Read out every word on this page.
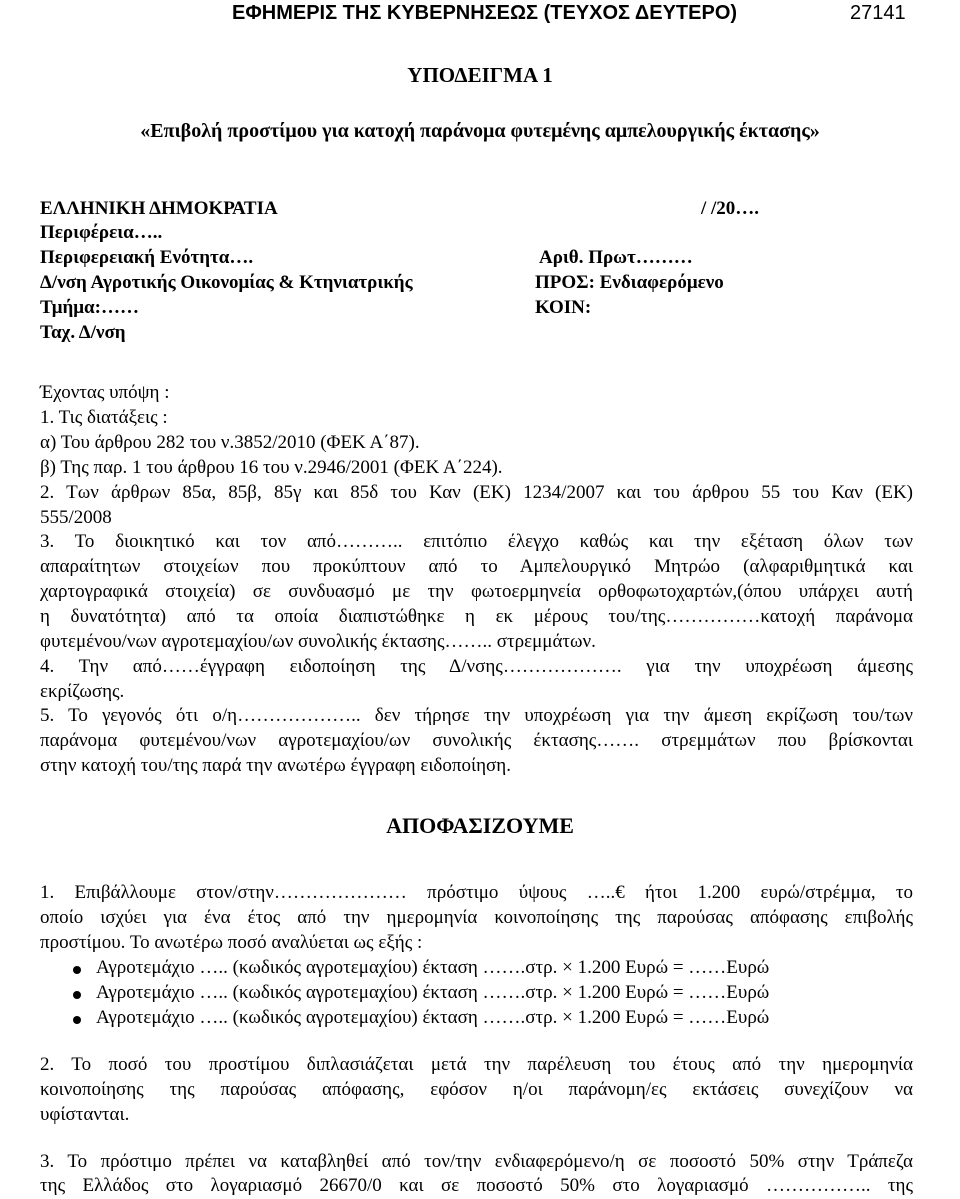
ΕΦΗΜΕΡΙΣ ΤΗΣ ΚΥΒΕΡΝΗΣΕΩΣ (ΤΕΥΧΟΣ ΔΕΥΤΕΡΟ)	27141
ΥΠΟΔΕΙΓΜΑ 1
«Επιβολή προστίμου για κατοχή παράνομα φυτεμένης αμπελουργικής έκτασης»
ΕΛΛΗΝΙΚΗ ΔΗΜΟΚΡΑΤΙΑ
Περιφέρεια…..
Περιφερειακή Ενότητα….
Δ/νση Αγροτικής Οικονομίας & Κτηνιατρικής
Τμήμα:……
Ταχ. Δ/νση
/ /20….
Αριθ. Πρωτ………
ΠΡΟΣ: Ενδιαφερόμενο
ΚΟΙΝ:
Έχοντας υπόψη :
1. Τις διατάξεις :
α) Του άρθρου 282 του ν.3852/2010 (ΦΕΚ Α΄87).
β) Της παρ. 1 του άρθρου 16 του ν.2946/2001 (ΦΕΚ Α΄224).
2. Των άρθρων 85α, 85β, 85γ και 85δ του Καν (ΕΚ) 1234/2007 και του άρθρου 55 του Καν (ΕΚ)
555/2008
3. Το διοικητικό και τον από……….. επιτόπιο έλεγχο καθώς και την εξέταση όλων των
απαραίτητων στοιχείων που προκύπτουν από το Αμπελουργικό Μητρώο (αλφαριθμητικά και
χαρτογραφικά στοιχεία) σε συνδυασμό με την φωτοερμηνεία ορθοφωτοχαρτών,(όπου υπάρχει αυτή
η δυνατότητα) από τα οποία διαπιστώθηκε η εκ μέρους του/της……………κατοχή παράνομα
φυτεμένου/νων αγροτεμαχίου/ων συνολικής έκτασης…….. στρεμμάτων.
4. Την από……έγγραφη ειδοποίηση της Δ/νσης………………. για την υποχρέωση άμεσης
εκρίζωσης.
5. Το γεγονός ότι ο/η……………….. δεν τήρησε την υποχρέωση για την άμεση εκρίζωση του/των
παράνομα φυτεμένου/νων αγροτεμαχίου/ων συνολικής έκτασης……. στρεμμάτων που βρίσκονται
στην κατοχή του/της παρά την ανωτέρω έγγραφη ειδοποίηση.
ΑΠΟΦΑΣΙΖΟΥΜΕ
1. Επιβάλλουμε στον/στην………………… πρόστιμο ύψους …..€ ήτοι 1.200 ευρώ/στρέμμα, το
οποίο ισχύει για ένα έτος από την ημερομηνία κοινοποίησης της παρούσας απόφασης επιβολής
προστίμου. Το ανωτέρω ποσό αναλύεται ως εξής :
Αγροτεμάχιο ….. (κωδικός αγροτεμαχίου) έκταση …….στρ. × 1.200 Ευρώ = ……Ευρώ
Αγροτεμάχιο ….. (κωδικός αγροτεμαχίου) έκταση …….στρ. × 1.200 Ευρώ = ……Ευρώ
Αγροτεμάχιο ….. (κωδικός αγροτεμαχίου) έκταση …….στρ. × 1.200 Ευρώ = ……Ευρώ
2. Το ποσό του προστίμου διπλασιάζεται μετά την παρέλευση του έτους από την ημερομηνία
κοινοποίησης της παρούσας απόφασης, εφόσον η/οι παράνομη/ες εκτάσεις συνεχίζουν να
υφίστανται.
3. Το πρόστιμο πρέπει να καταβληθεί από τον/την ενδιαφερόμενο/η σε ποσοστό 50% στην Τράπεζα
της Ελλάδος στο λογαριασμό 26670/0 και σε ποσοστό 50% στο λογαριασμό …………….. της
